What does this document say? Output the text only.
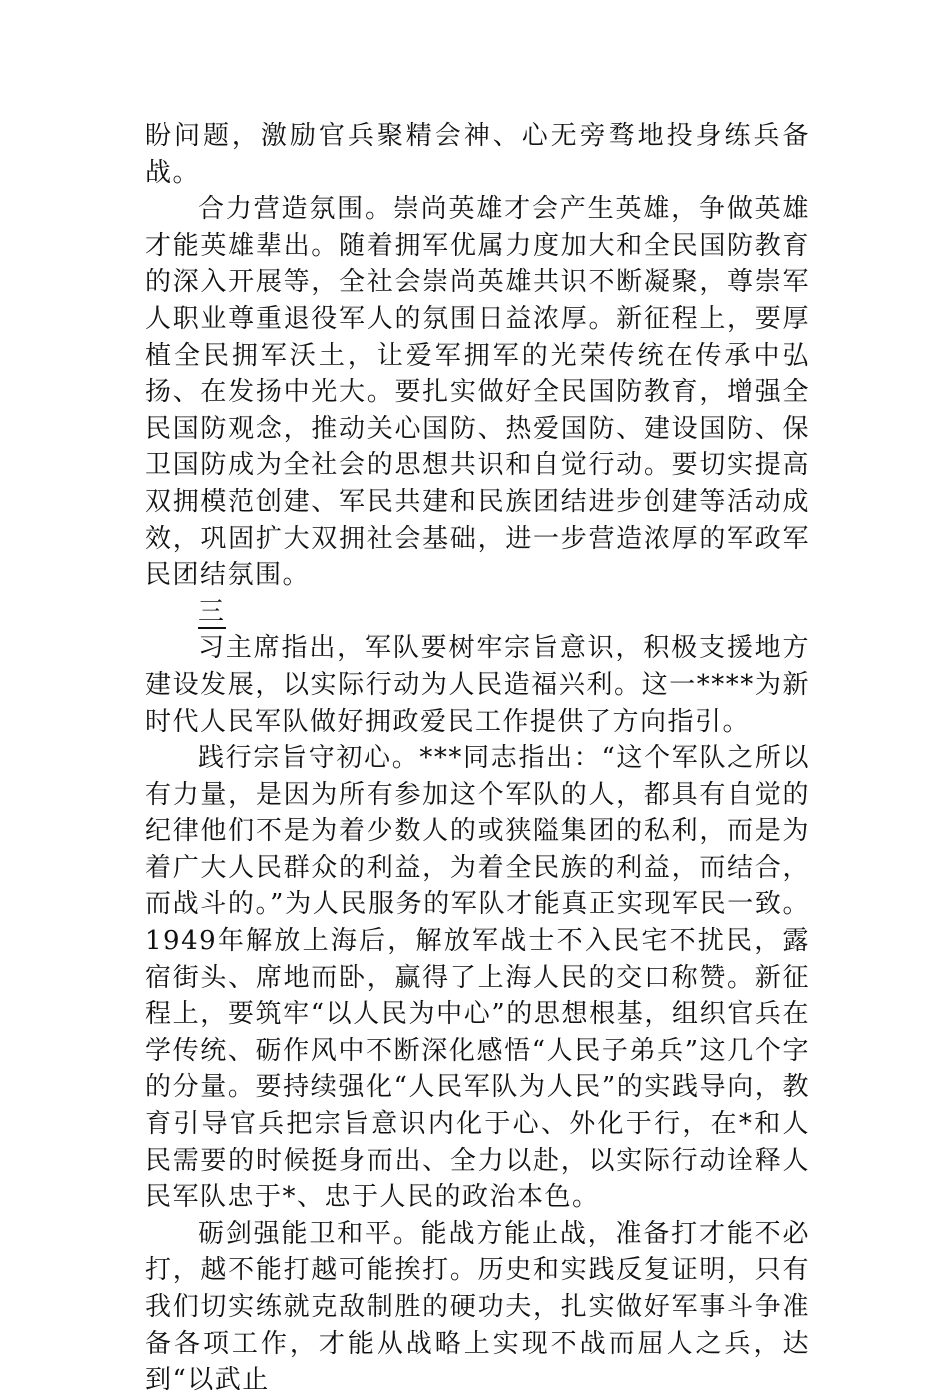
盼问题，激励官兵聚精会神、心无旁骛地投身练兵备战。

合力营造氛围。崇尚英雄才会产生英雄，争做英雄才能英雄辈出。随着拥军优属力度加大和全民国防教育的深入开展等，全社会崇尚英雄共识不断凝聚，尊崇军人职业尊重退役军人的氛围日益浓厚。新征程上，要厚植全民拥军沃土，让爱军拥军的光荣传统在传承中弘扬、在发扬中光大。要扎实做好全民国防教育，增强全民国防观念，推动关心国防、热爱国防、建设国防、保卫国防成为全社会的思想共识和自觉行动。要切实提高双拥模范创建、军民共建和民族团结进步创建等活动成效，巩固扩大双拥社会基础，进一步营造浓厚的军政军民团结氛围。

三

习主席指出，军队要树牢宗旨意识，积极支援地方建设发展，以实际行动为人民造福兴利。这一****为新时代人民军队做好拥政爱民工作提供了方向指引。

践行宗旨守初心。***同志指出：“这个军队之所以有力量，是因为所有参加这个军队的人，都具有自觉的纪律他们不是为着少数人的或狭隘集团的私利，而是为着广大人民群众的利益，为着全民族的利益，而结合，而战斗的。”为人民服务的军队才能真正实现军民一致。1949年解放上海后，解放军战士不入民宅不扰民，露宿街头、席地而卧，赢得了上海人民的交口称赞。新征程上，要筑牢“以人民为中心”的思想根基，组织官兵在学传统、砺作风中不断深化感悟“人民子弟兵”这几个字的分量。要持续强化“人民军队为人民”的实践导向，教育引导官兵把宗旨意识内化于心、外化于行，在*和人民需要的时候挺身而出、全力以赴，以实际行动诠释人民军队忠于*、忠于人民的政治本色。

砺剑强能卫和平。能战方能止战，准备打才能不必打，越不能打越可能挨打。历史和实践反复证明，只有我们切实练就克敌制胜的硬功夫，扎实做好军事斗争准备各项工作，才能从战略上实现不战而屈人之兵，达到“以武止
